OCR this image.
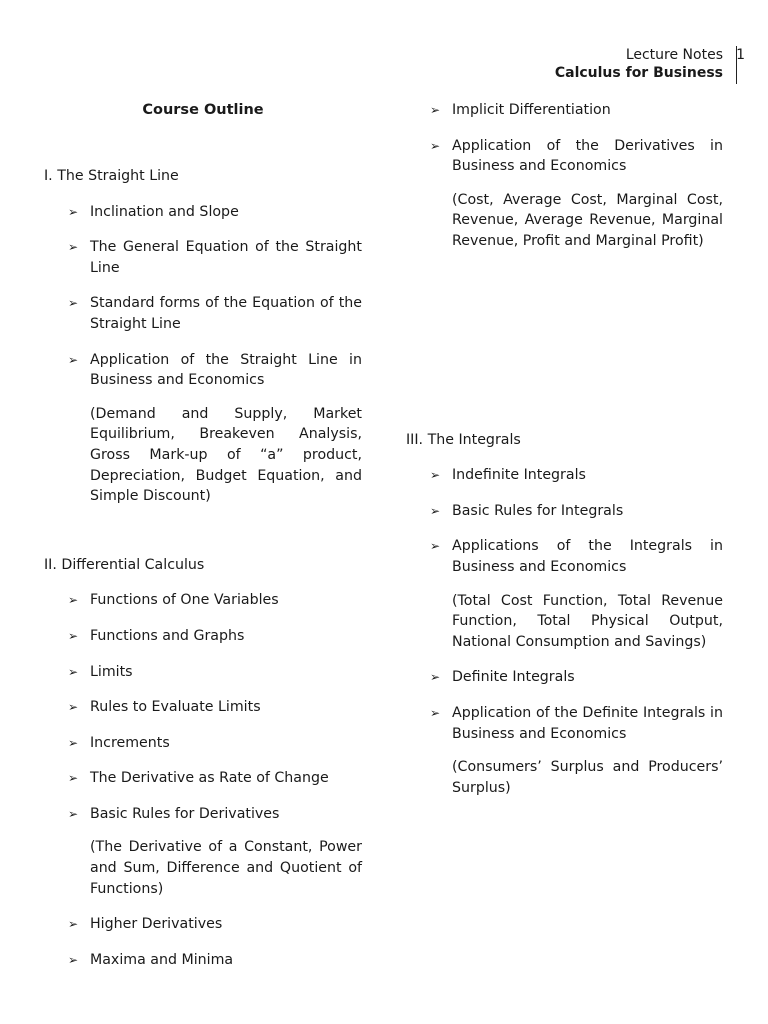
Lecture Notes
Calculus for Business
1
Course Outline
I. The Straight Line
➢ Inclination and Slope
➢ The General Equation of the Straight Line
➢ Standard forms of the Equation of the Straight Line
➢ Application of the Straight Line in Business and Economics
(Demand and Supply, Market Equilibrium, Breakeven Analysis, Gross Mark-up of “a” product, Depreciation, Budget Equation, and Simple Discount)
II. Differential Calculus
➢ Functions of One Variables
➢ Functions and Graphs
➢ Limits
➢ Rules to Evaluate Limits
➢ Increments
➢ The Derivative as Rate of Change
➢ Basic Rules for Derivatives
(The Derivative of a Constant, Power and Sum, Difference and Quotient of Functions)
➢ Higher Derivatives
➢ Maxima and Minima
➢ Implicit Differentiation
➢ Application of the Derivatives in Business and Economics
(Cost, Average Cost, Marginal Cost, Revenue, Average Revenue, Marginal Revenue, Profit and Marginal Profit)
III. The Integrals
➢ Indefinite Integrals
➢ Basic Rules for Integrals
➢ Applications of the Integrals in Business and Economics
(Total Cost Function, Total Revenue Function, Total Physical Output, National Consumption and Savings)
➢ Definite Integrals
➢ Application of the Definite Integrals in Business and Economics
(Consumers’ Surplus and Producers’ Surplus)
